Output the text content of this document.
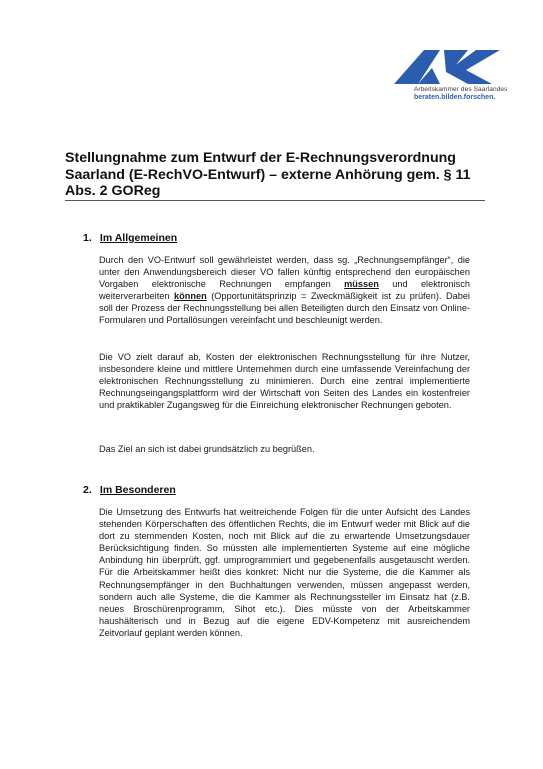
Arbeitskammer des Saarlandes
beraten.bilden.forschen.
Stellungnahme zum Entwurf der E-Rechnungsverordnung Saarland (E-RechVO-Entwurf) – externe Anhörung gem. § 11 Abs. 2 GOReg
1. Im Allgemeinen

Durch den VO-Entwurf soll gewährleistet werden, dass sg. „Rechnungsempfänger“, die unter den Anwendungsbereich dieser VO fallen künftig entsprechend den europäischen Vorgaben elektronische Rechnungen empfangen müssen und elektronisch weiterverarbeiten können (Opportunitätsprinzip = Zweckmäßigkeit ist zu prüfen). Dabei soll der Prozess der Rechnungsstellung bei allen Beteiligten durch den Einsatz von Online-Formularen und Portallösungen vereinfacht und beschleunigt werden.

Die VO zielt darauf ab, Kosten der elektronischen Rechnungsstellung für ihre Nutzer, insbesondere kleine und mittlere Unternehmen durch eine umfassende Vereinfachung der elektronischen Rechnungsstellung zu minimieren. Durch eine zentral implementierte Rechnungseingangsplattform wird der Wirtschaft von Seiten des Landes ein kostenfreier und praktikabler Zugangsweg für die Einreichung elektronischer Rechnungen geboten.

Das Ziel an sich ist dabei grundsätzlich zu begrüßen.

2. Im Besonderen

Die Umsetzung des Entwurfs hat weitreichende Folgen für die unter Aufsicht des Landes stehenden Körperschaften des öffentlichen Rechts, die im Entwurf weder mit Blick auf die dort zu stemmenden Kosten, noch mit Blick auf die zu erwartende Umsetzungsdauer Berücksichtigung finden. So müssten alle implementierten Systeme auf eine mögliche Anbindung hin überprüft, ggf. umprogrammiert und gegebenenfalls ausgetauscht werden. Für die Arbeitskammer heißt dies konkret: Nicht nur die Systeme, die die Kammer als Rechnungsempfänger in den Buchhaltungen verwenden, müssen angepasst werden, sondern auch alle Systeme, die die Kammer als Rechnungssteller im Einsatz hat (z.B. neues Broschürenprogramm, Sihot etc.). Dies müsste von der Arbeitskammer haushälterisch und in Bezug auf die eigene EDV-Kompetenz mit ausreichendem Zeitvorlauf geplant werden können.
